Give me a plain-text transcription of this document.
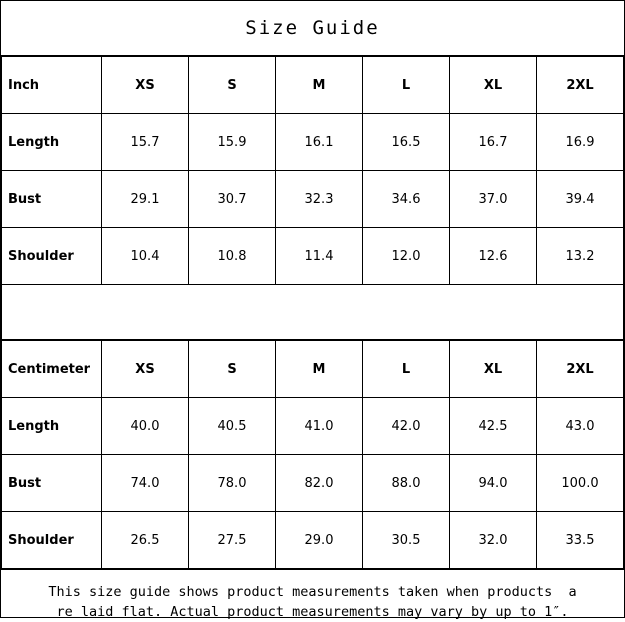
Size Guide
Inch	XS	S	M	L	XL	2XL
Length	15.7	15.9	16.1	16.5	16.7	16.9
Bust	29.1	30.7	32.3	34.6	37.0	39.4
Shoulder	10.4	10.8	11.4	12.0	12.6	13.2
Centimeter	XS	S	M	L	XL	2XL
Length	40.0	40.5	41.0	42.0	42.5	43.0
Bust	74.0	78.0	82.0	88.0	94.0	100.0
Shoulder	26.5	27.5	29.0	30.5	32.0	33.5
This size guide shows product measurements taken when products  a
re laid flat. Actual product measurements may vary by up to 1″.
